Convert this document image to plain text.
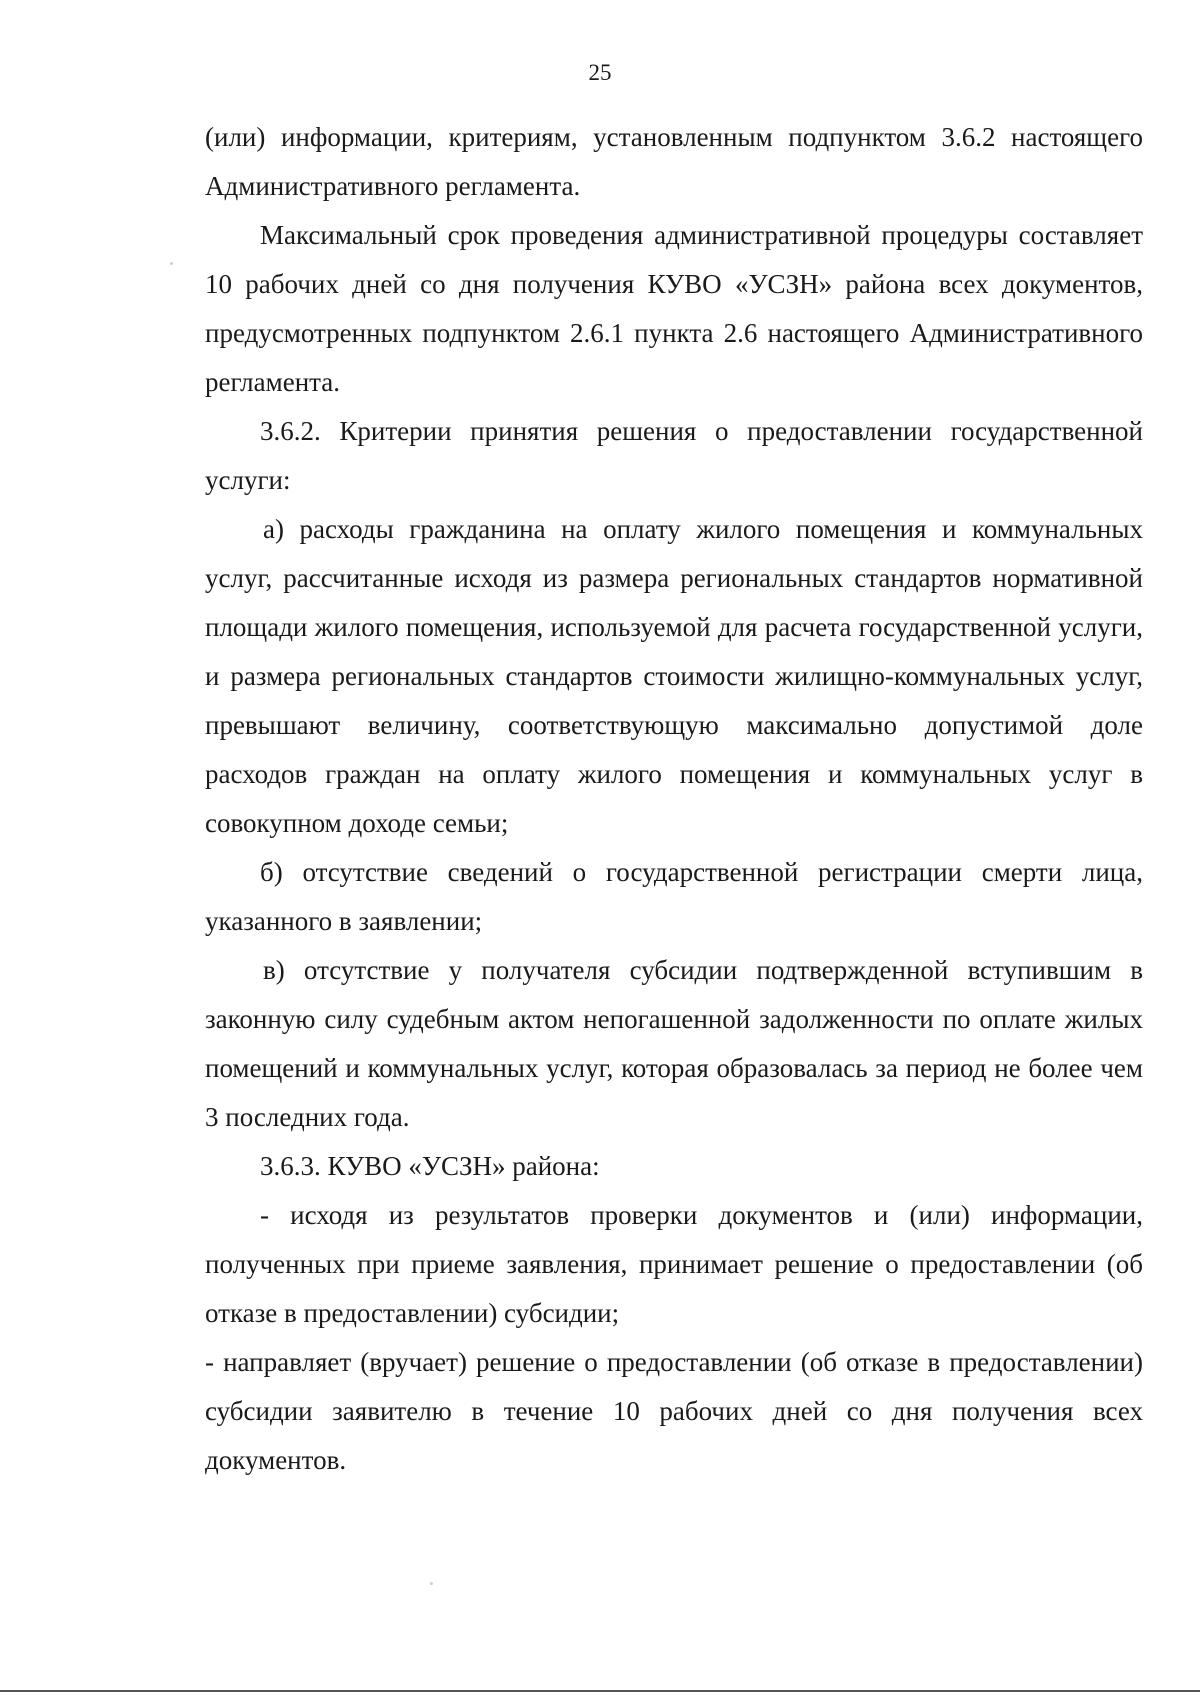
25

(или) информации, критериям, установленным подпунктом 3.6.2 настоящего Административного регламента.

Максимальный срок проведения административной процедуры составляет 10 рабочих дней со дня получения КУВО «УСЗН» района всех документов, предусмотренных подпунктом 2.6.1 пункта 2.6 настоящего Административного регламента.

3.6.2. Критерии принятия решения о предоставлении государственной услуги:

а) расходы гражданина на оплату жилого помещения и коммунальных услуг, рассчитанные исходя из размера региональных стандартов нормативной площади жилого помещения, используемой для расчета государственной услуги, и размера региональных стандартов стоимости жилищно-коммунальных услуг, превышают величину, соответствующую максимально допустимой доле расходов граждан на оплату жилого помещения и коммунальных услуг в совокупном доходе семьи;

б) отсутствие сведений о государственной регистрации смерти лица, указанного в заявлении;

в) отсутствие у получателя субсидии подтвержденной вступившим в законную силу судебным актом непогашенной задолженности по оплате жилых помещений и коммунальных услуг, которая образовалась за период не более чем 3 последних года.

3.6.3. КУВО «УСЗН» района:

- исходя из результатов проверки документов и (или) информации, полученных при приеме заявления, принимает решение о предоставлении (об отказе в предоставлении) субсидии;

- направляет (вручает) решение о предоставлении (об отказе в предоставлении) субсидии заявителю в течение 10 рабочих дней со дня получения всех документов.
